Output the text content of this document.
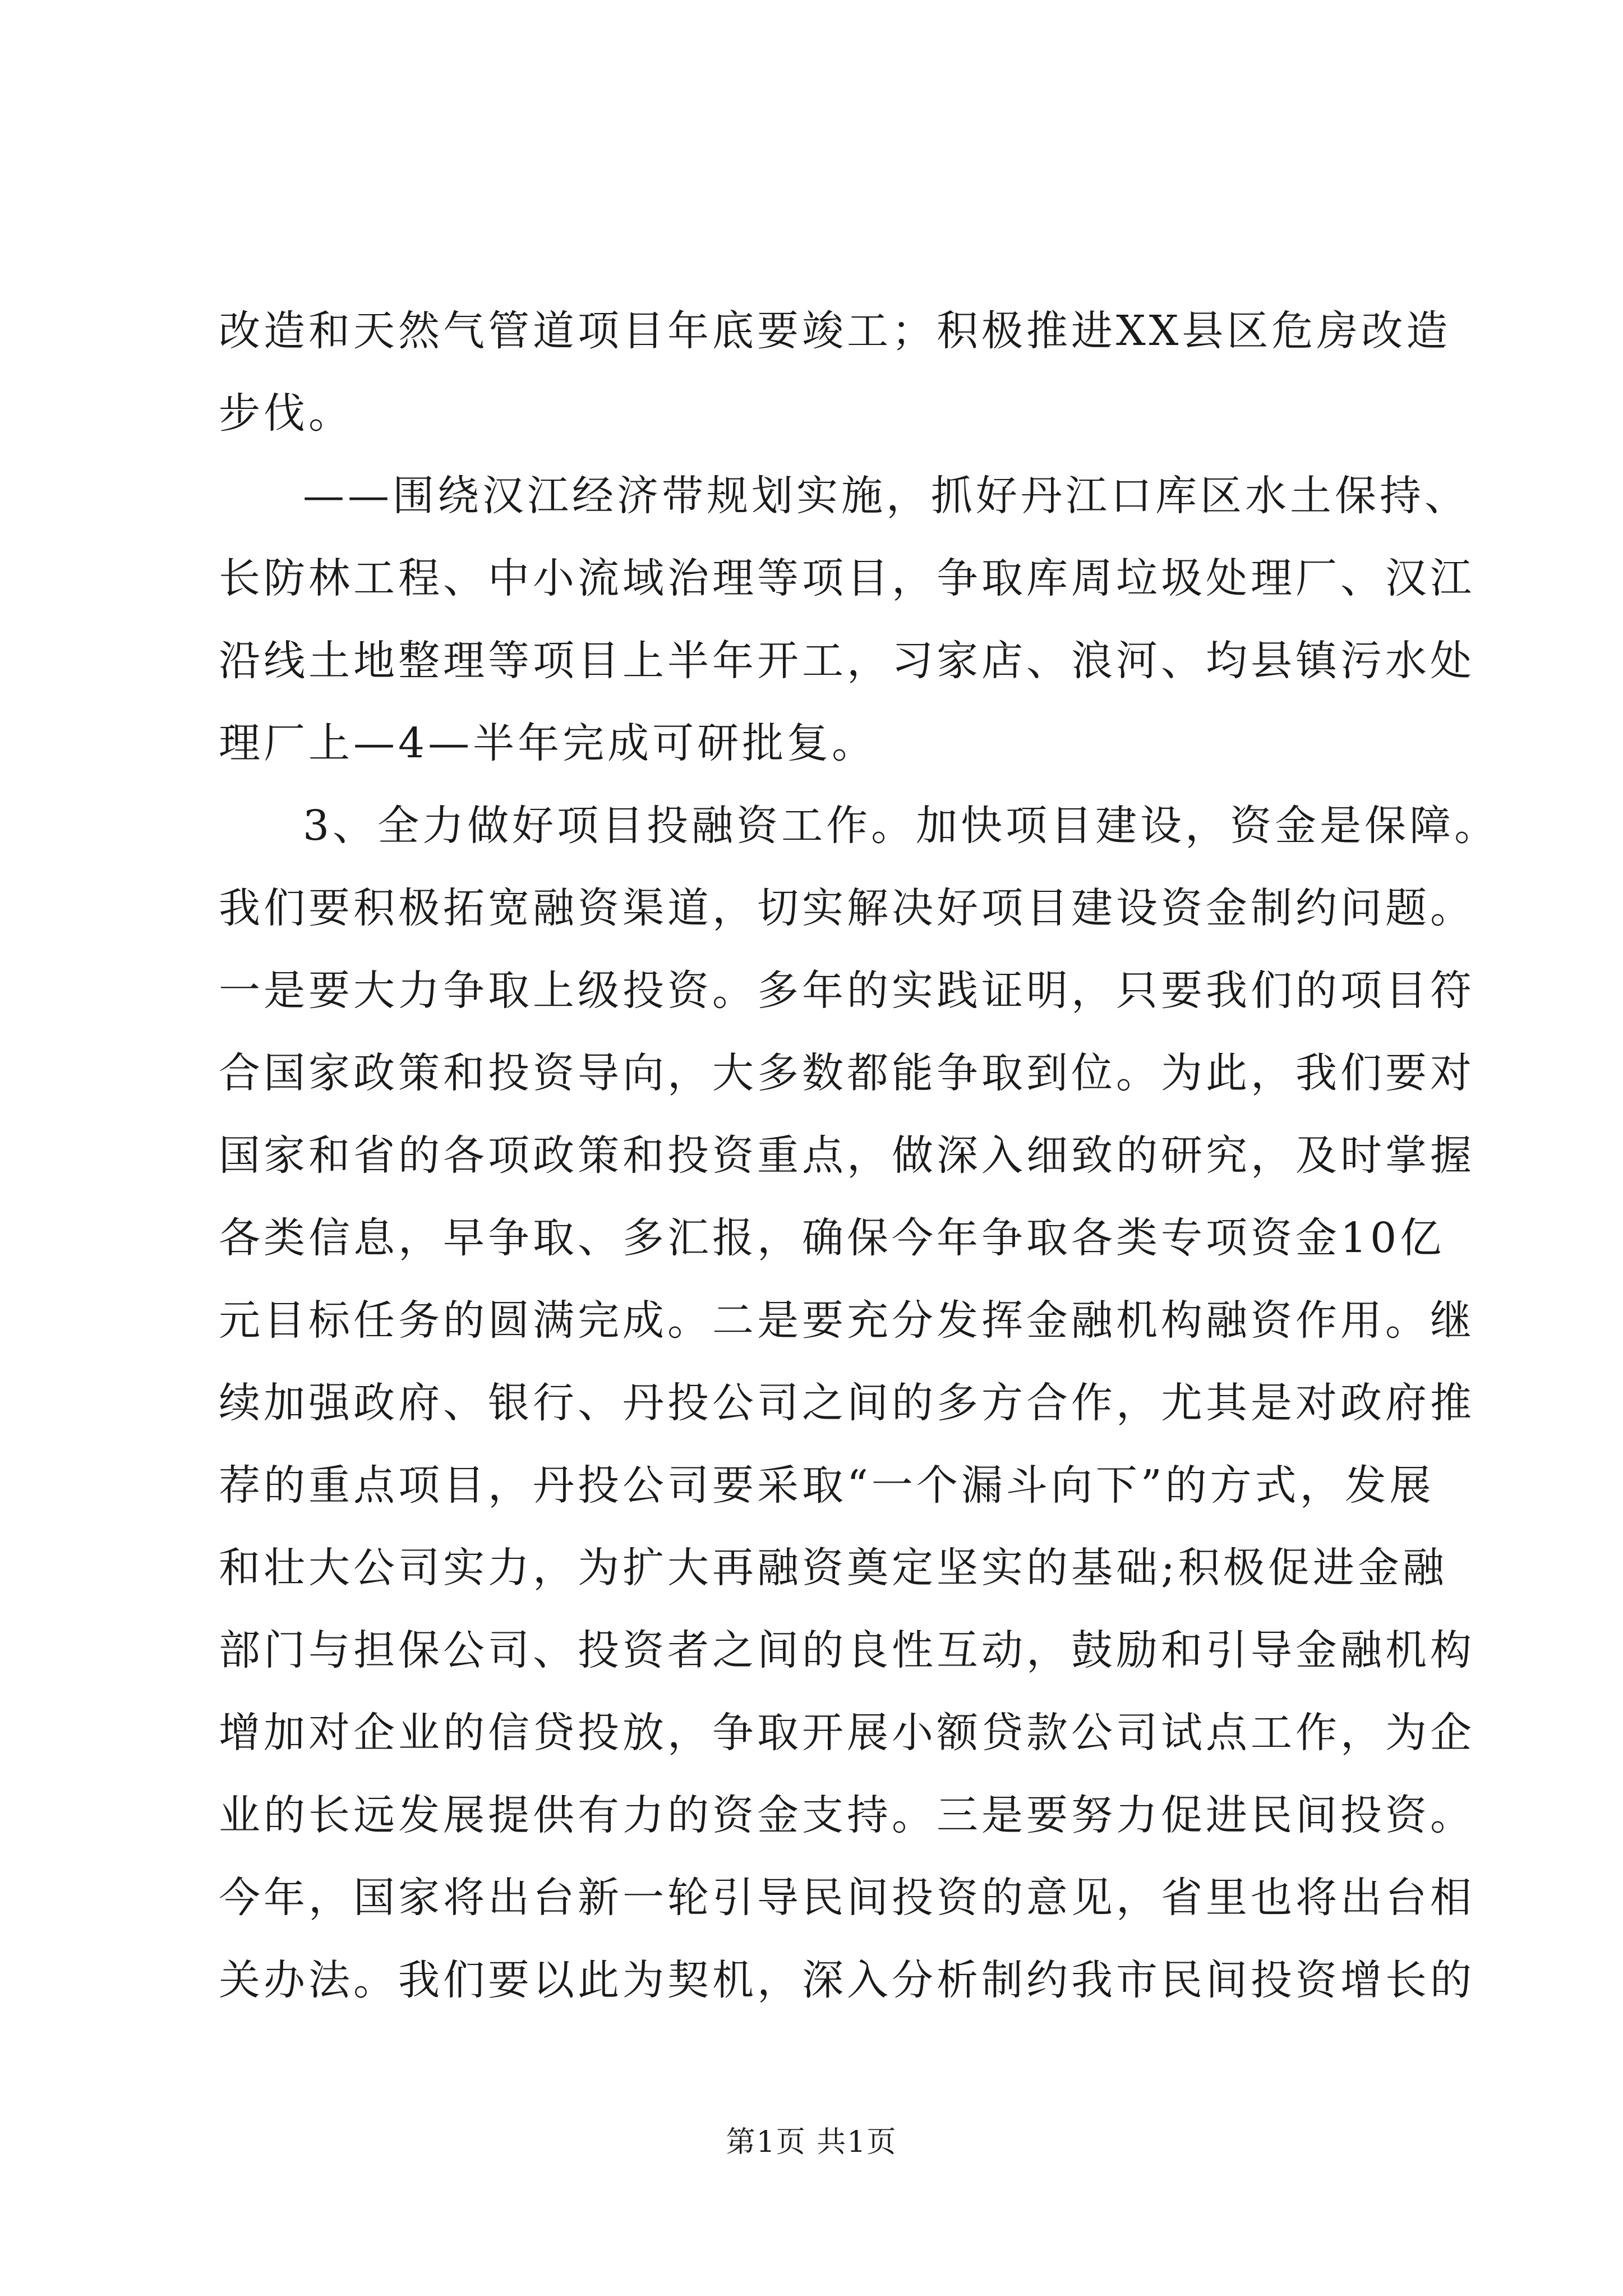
改造和天然气管道项目年底要竣工；积极推进XX县区危房改造
步伐。
——围绕汉江经济带规划实施，抓好丹江口库区水土保持、
长防林工程、中小流域治理等项目，争取库周垃圾处理厂、汉江
沿线土地整理等项目上半年开工，习家店、浪河、均县镇污水处
理厂上—4—半年完成可研批复。
3、全力做好项目投融资工作。加快项目建设，资金是保障。
我们要积极拓宽融资渠道，切实解决好项目建设资金制约问题。
一是要大力争取上级投资。多年的实践证明，只要我们的项目符
合国家政策和投资导向，大多数都能争取到位。为此，我们要对
国家和省的各项政策和投资重点，做深入细致的研究，及时掌握
各类信息，早争取、多汇报，确保今年争取各类专项资金10亿
元目标任务的圆满完成。二是要充分发挥金融机构融资作用。继
续加强政府、银行、丹投公司之间的多方合作，尤其是对政府推
荐的重点项目，丹投公司要采取“一个漏斗向下”的方式，发展
和壮大公司实力，为扩大再融资奠定坚实的基础;积极促进金融
部门与担保公司、投资者之间的良性互动，鼓励和引导金融机构
增加对企业的信贷投放，争取开展小额贷款公司试点工作，为企
业的长远发展提供有力的资金支持。三是要努力促进民间投资。
今年，国家将出台新一轮引导民间投资的意见，省里也将出台相
关办法。我们要以此为契机，深入分析制约我市民间投资增长的
第1页 共1页
